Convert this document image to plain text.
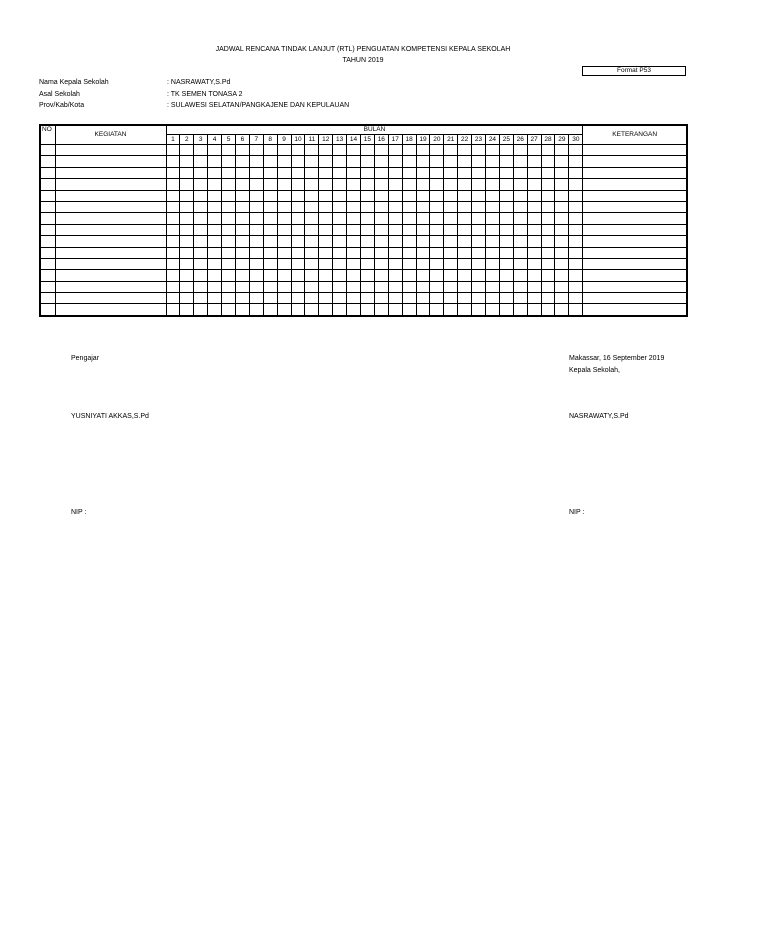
JADWAL RENCANA TINDAK LANJUT (RTL) PENGUATAN KOMPETENSI KEPALA SEKOLAH
TAHUN 2019
Format P53
Nama Kepala Sekolah	: NASRAWATY,S.Pd
Asal Sekolah	: TK SEMEN TONASA 2
Prov/Kab/Kota	: SULAWESI SELATAN/PANGKAJENE DAN KEPULAUAN
NO	KEGIATAN	BULAN																														KETERANGAN
		1	2	3	4	5	6	7	8	9	10	11	12	13	14	15	16	17	18	19	20	21	22	23	24	25	26	27	28	29	30	

Pengajar
YUSNIYATI AKKAS,S.Pd
NIP :
Makassar, 16 September 2019
Kepala Sekolah,
NASRAWATY,S.Pd
NIP :
